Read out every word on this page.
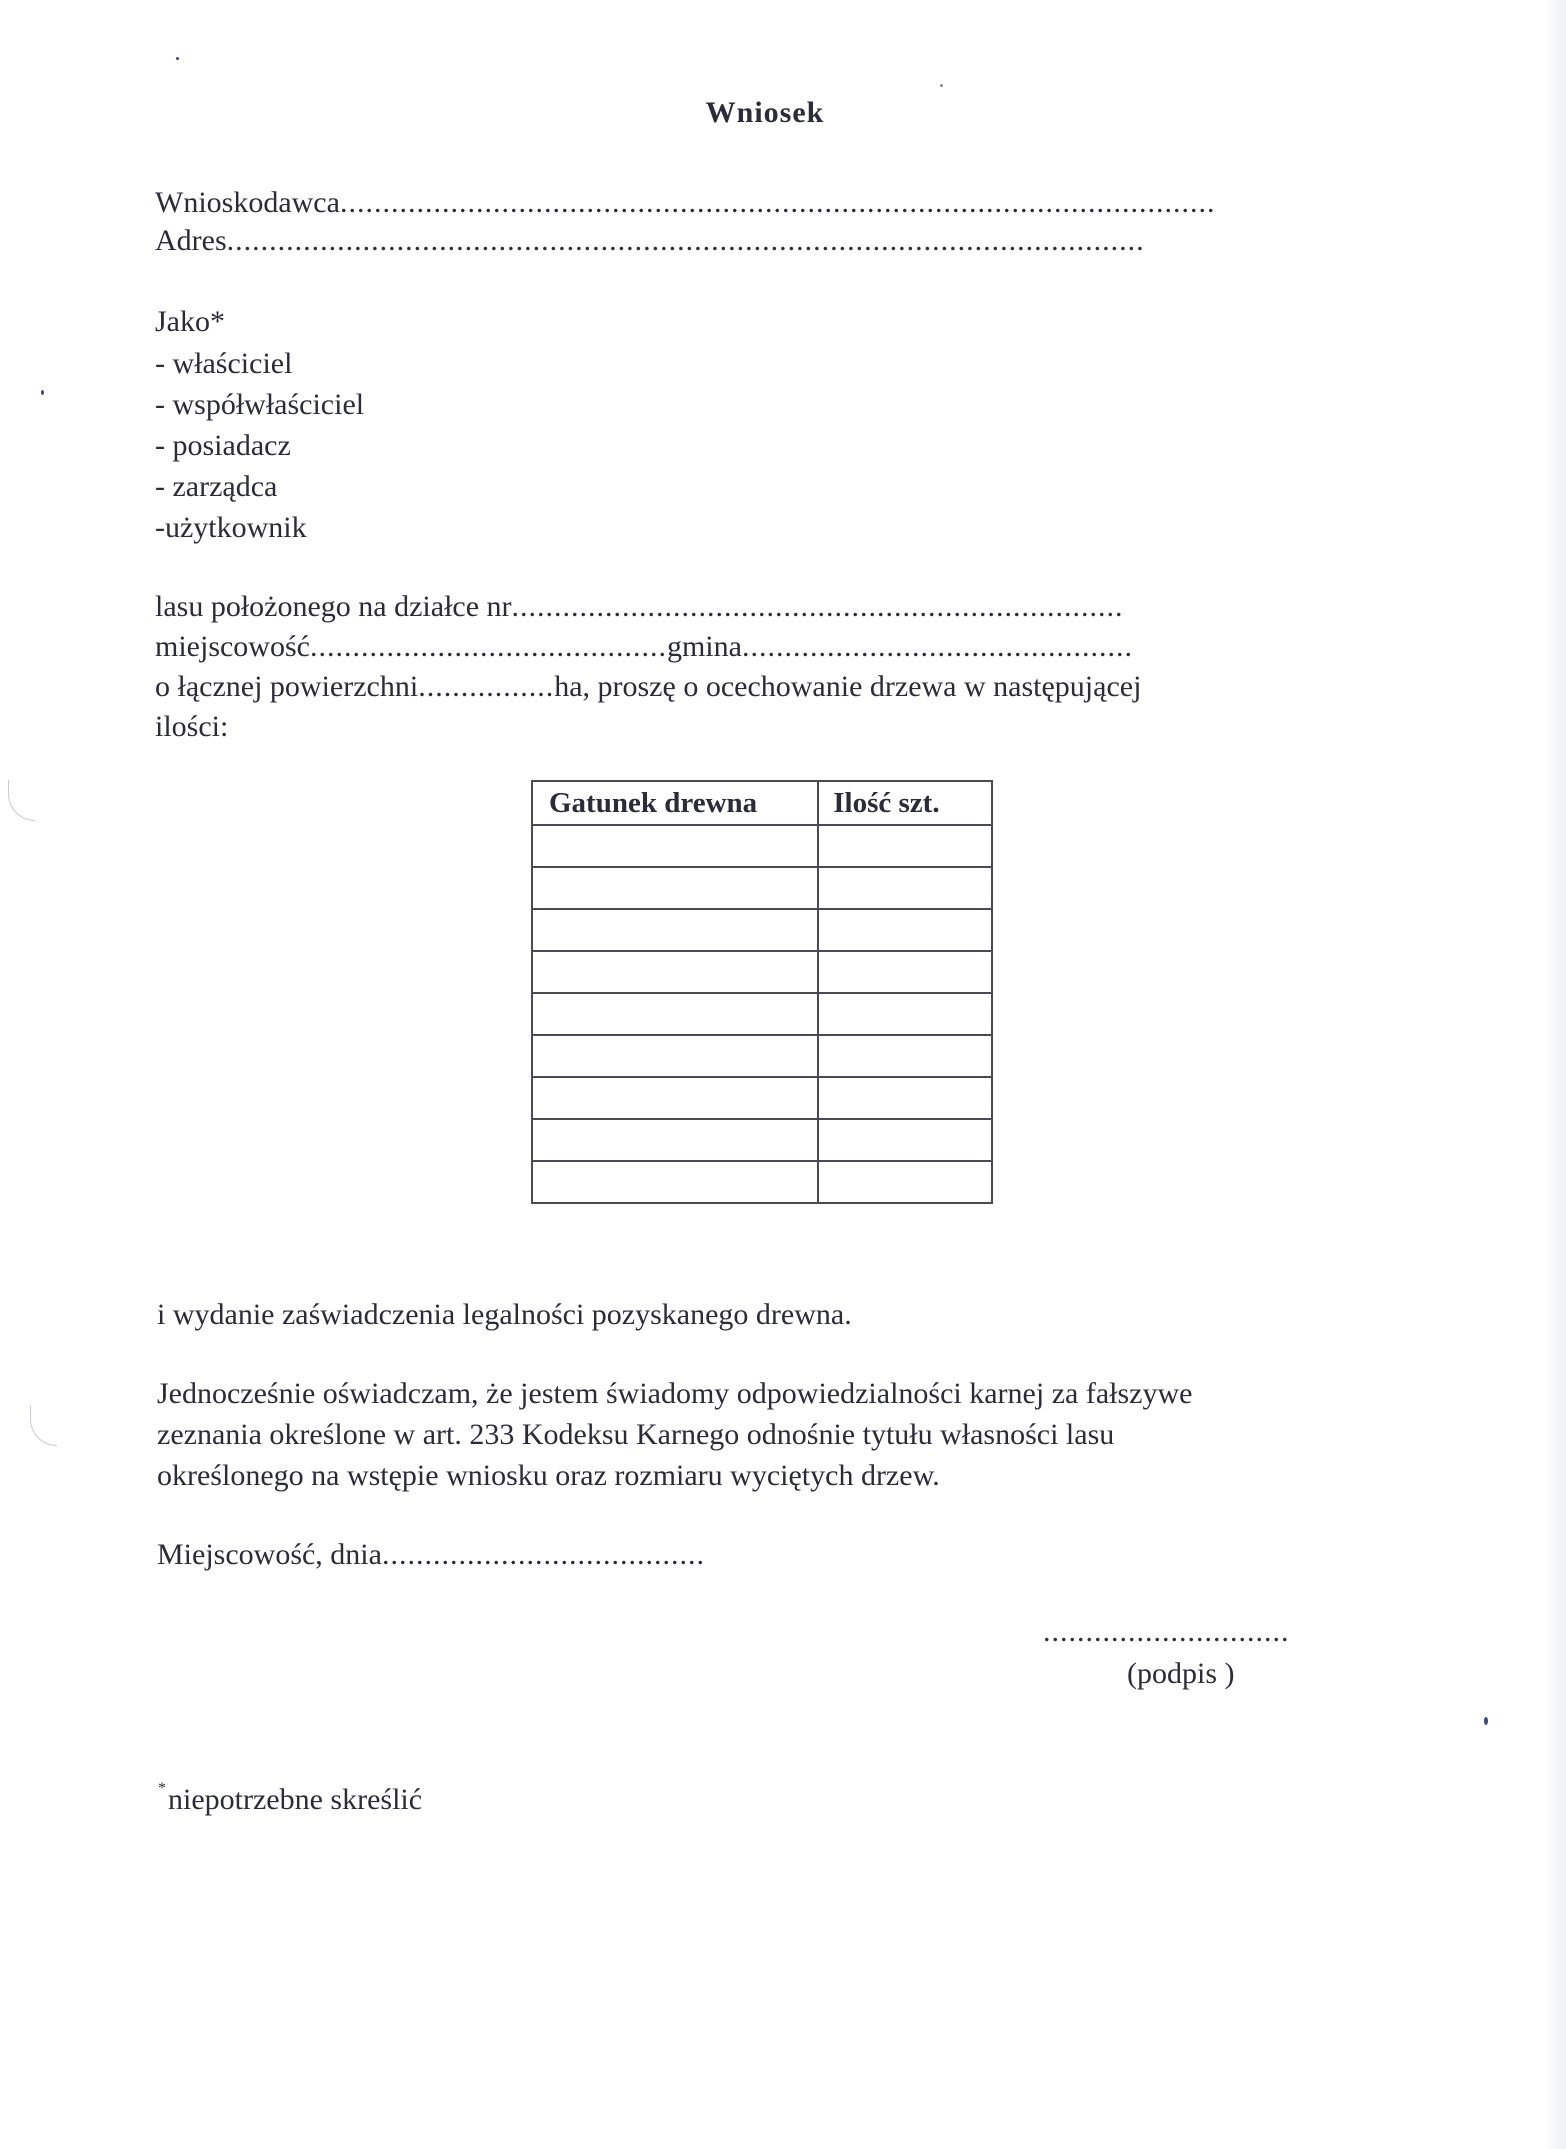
Wniosek
Wnioskodawca.......................................................................................................
Adres............................................................................................................
Jako*
- właściciel
- współwłaściciel
- posiadacz
- zarządca
-użytkownik
lasu położonego na działce nr........................................................................
miejscowość..........................................gmina..............................................
o łącznej powierzchni................ha, proszę o ocechowanie drzewa w następującej
ilości:
Gatunek drewna	Ilość szt.

i wydanie zaświadczenia legalności pozyskanego drewna.
Jednocześnie oświadczam, że jestem świadomy odpowiedzialności karnej za fałszywe
zeznania określone w art. 233 Kodeksu Karnego odnośnie tytułu własności lasu
określonego na wstępie wniosku oraz rozmiaru wyciętych drzew.
Miejscowość, dnia......................................
.............................
(podpis )
* niepotrzebne skreślić
